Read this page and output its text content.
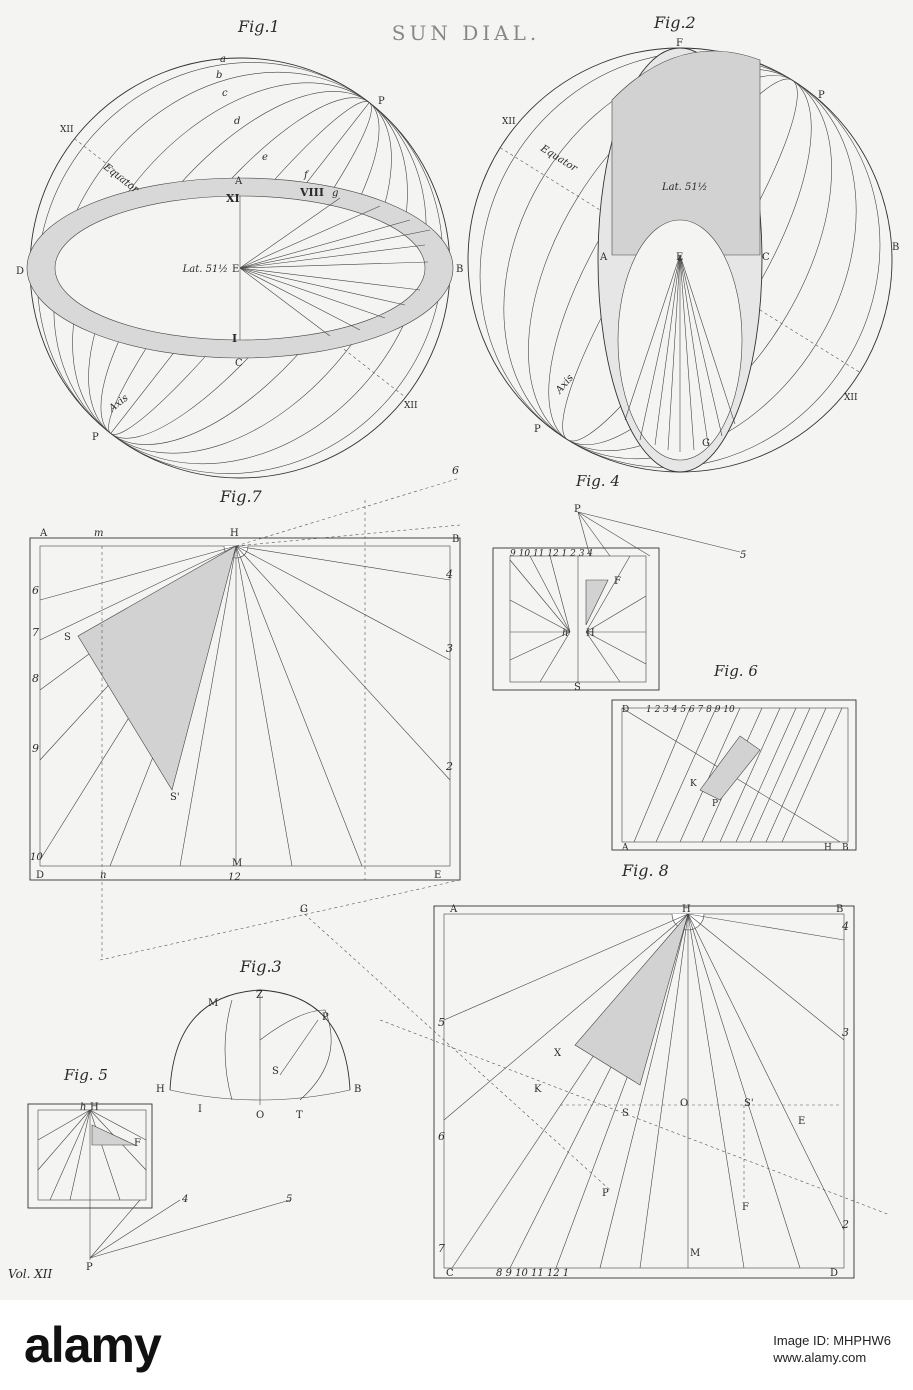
SUN DIAL.
Fig.1
Lat. 51½
Equator
Axis
E
A
C
D	B
P
P
XII
XII
a
b
c
d
e
f
g
XI	VIII
I
Fig.2
Lat. 51½
Equator
Axis
F
P
XII
A	E	C
B
XII
P
G
Fig.7
A	m	H
B
D
M
E
S
S'
12
n
6
7
8
9
10
4
3
2
6
Fig. 4
P
5
F
h H
S
9 10 11 12 1 2 3 4
Fig. 6
D
A	H B
K
P
1 2 3 4 5 6 7 8 9 10
Fig.3
M
Z
P
S
H
I
O	T
B
Fig. 5
h H
F
P
4	5
Fig. 8
A	H	B
C
M
D
X
K
S
O	S'
E
P
F
G
5
6
7
4
3
2
8 9 10 11 12 1
Vol. XII
alamy	Image ID: MHPHW6
www.alamy.com
